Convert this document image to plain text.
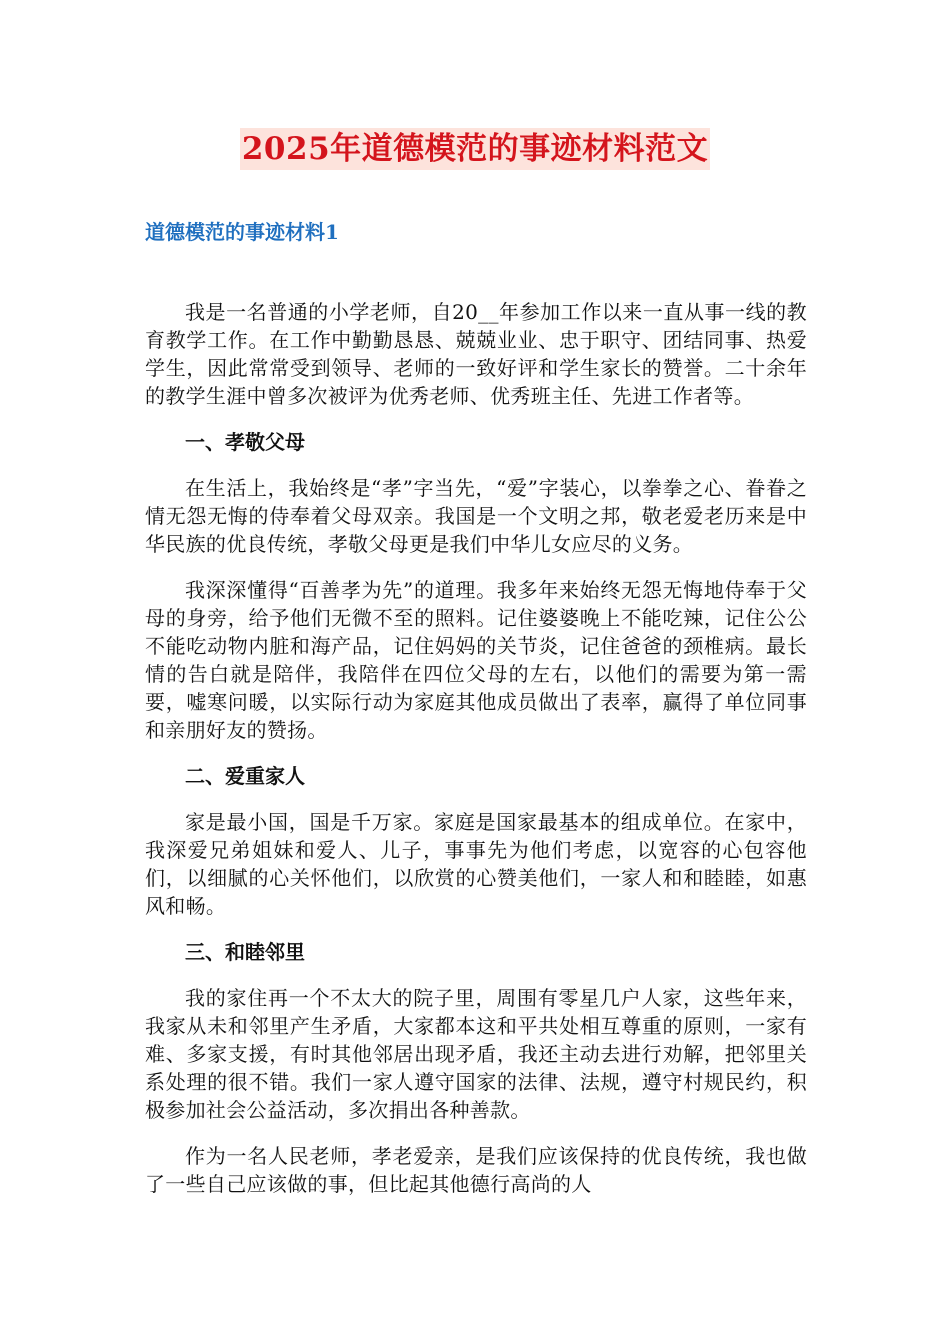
2025年道德模范的事迹材料范文
道德模范的事迹材料1

我是一名普通的小学老师，自20__年参加工作以来一直从事一线的教育教学工作。在工作中勤勤恳恳、兢兢业业、忠于职守、团结同事、热爱学生，因此常常受到领导、老师的一致好评和学生家长的赞誉。二十余年的教学生涯中曾多次被评为优秀老师、优秀班主任、先进工作者等。

一、孝敬父母

在生活上，我始终是“孝”字当先，“爱”字装心，以拳拳之心、眷眷之情无怨无悔的侍奉着父母双亲。我国是一个文明之邦，敬老爱老历来是中华民族的优良传统，孝敬父母更是我们中华儿女应尽的义务。

我深深懂得“百善孝为先”的道理。我多年来始终无怨无悔地侍奉于父母的身旁，给予他们无微不至的照料。记住婆婆晚上不能吃辣，记住公公不能吃动物内脏和海产品，记住妈妈的关节炎，记住爸爸的颈椎病。最长情的告白就是陪伴，我陪伴在四位父母的左右，以他们的需要为第一需要，嘘寒问暖，以实际行动为家庭其他成员做出了表率，赢得了单位同事和亲朋好友的赞扬。

二、爱重家人

家是最小国，国是千万家。家庭是国家最基本的组成单位。在家中，我深爱兄弟姐妹和爱人、儿子，事事先为他们考虑，以宽容的心包容他们，以细腻的心关怀他们，以欣赏的心赞美他们，一家人和和睦睦，如惠风和畅。

三、和睦邻里

我的家住再一个不太大的院子里，周围有零星几户人家，这些年来，我家从未和邻里产生矛盾，大家都本这和平共处相互尊重的原则，一家有难、多家支援，有时其他邻居出现矛盾，我还主动去进行劝解，把邻里关系处理的很不错。我们一家人遵守国家的法律、法规，遵守村规民约，积极参加社会公益活动，多次捐出各种善款。

作为一名人民老师，孝老爱亲，是我们应该保持的优良传统，我也做了一些自己应该做的事，但比起其他德行高尚的人
